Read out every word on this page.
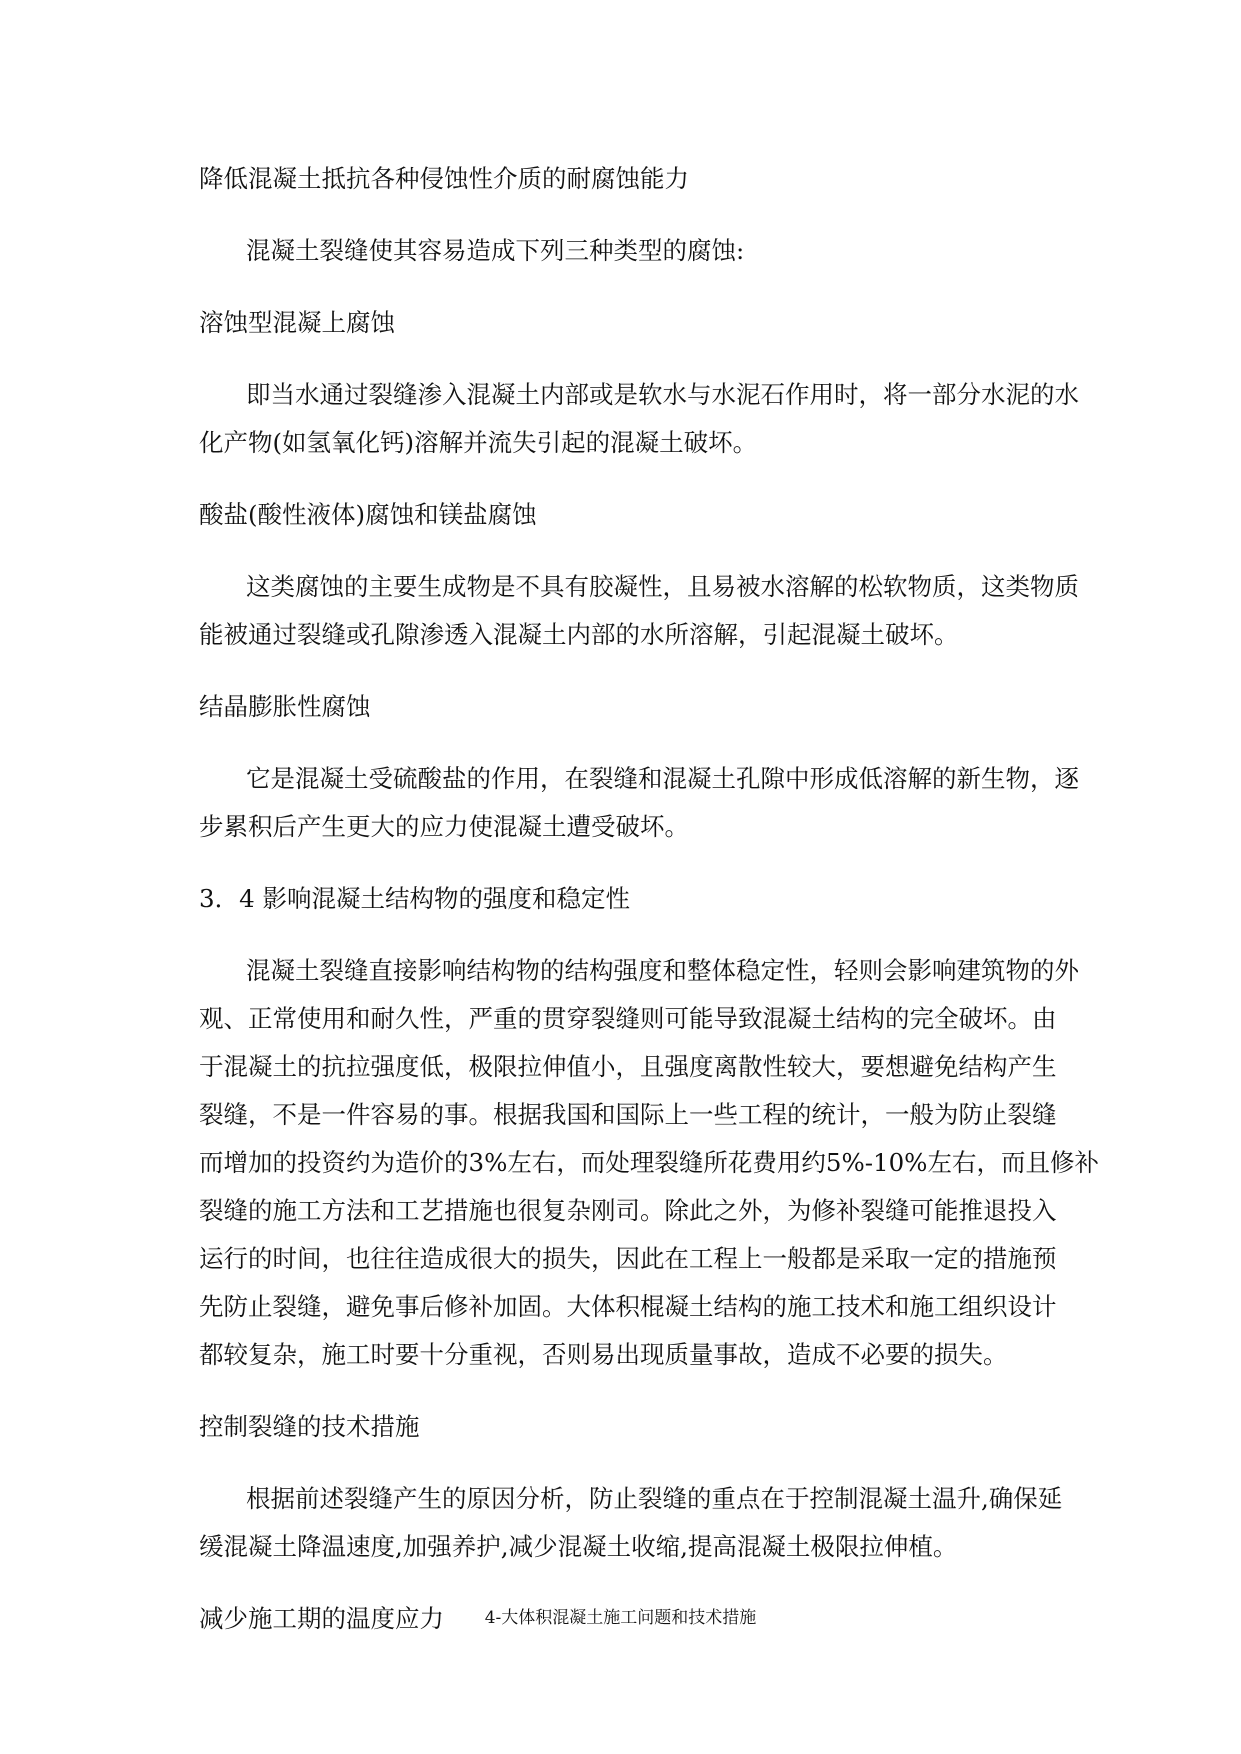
降低混凝土抵抗各种侵蚀性介质的耐腐蚀能力

混凝土裂缝使其容易造成下列三种类型的腐蚀:

溶蚀型混凝上腐蚀

即当水通过裂缝渗入混凝土内部或是软水与水泥石作用时，将一部分水泥的水

化产物(如氢氧化钙)溶解并流失引起的混凝土破坏。

酸盐(酸性液体)腐蚀和镁盐腐蚀

这类腐蚀的主要生成物是不具有胶凝性，且易被水溶解的松软物质，这类物质

能被通过裂缝或孔隙渗透入混凝土内部的水所溶解，引起混凝土破坏。

结晶膨胀性腐蚀

它是混凝土受硫酸盐的作用，在裂缝和混凝土孔隙中形成低溶解的新生物，逐

步累积后产生更大的应力使混凝土遭受破坏。

3．4 影响混凝土结构物的强度和稳定性

混凝土裂缝直接影响结构物的结构强度和整体稳定性，轻则会影响建筑物的外

观、正常使用和耐久性，严重的贯穿裂缝则可能导致混凝土结构的完全破坏。由

于混凝土的抗拉强度低，极限拉伸值小，且强度离散性较大，要想避免结构产生

裂缝，不是一件容易的事。根据我国和国际上一些工程的统计，一般为防止裂缝

而增加的投资约为造价的3%左右，而处理裂缝所花费用约5%-10%左右，而且修补

裂缝的施工方法和工艺措施也很复杂刚司。除此之外，为修补裂缝可能推退投入

运行的时间，也往往造成很大的损失，因此在工程上一般都是采取一定的措施预

先防止裂缝，避免事后修补加固。大体积棍凝土结构的施工技术和施工组织设计

都较复杂，施工时要十分重视，否则易出现质量事故，造成不必要的损失。

控制裂缝的技术措施

根据前述裂缝产生的原因分析，防止裂缝的重点在于控制混凝土温升,确保延

缓混凝土降温速度,加强养护,减少混凝土收缩,提高混凝土极限拉伸植。

减少施工期的温度应力	4-大体积混凝土施工问题和技术措施
